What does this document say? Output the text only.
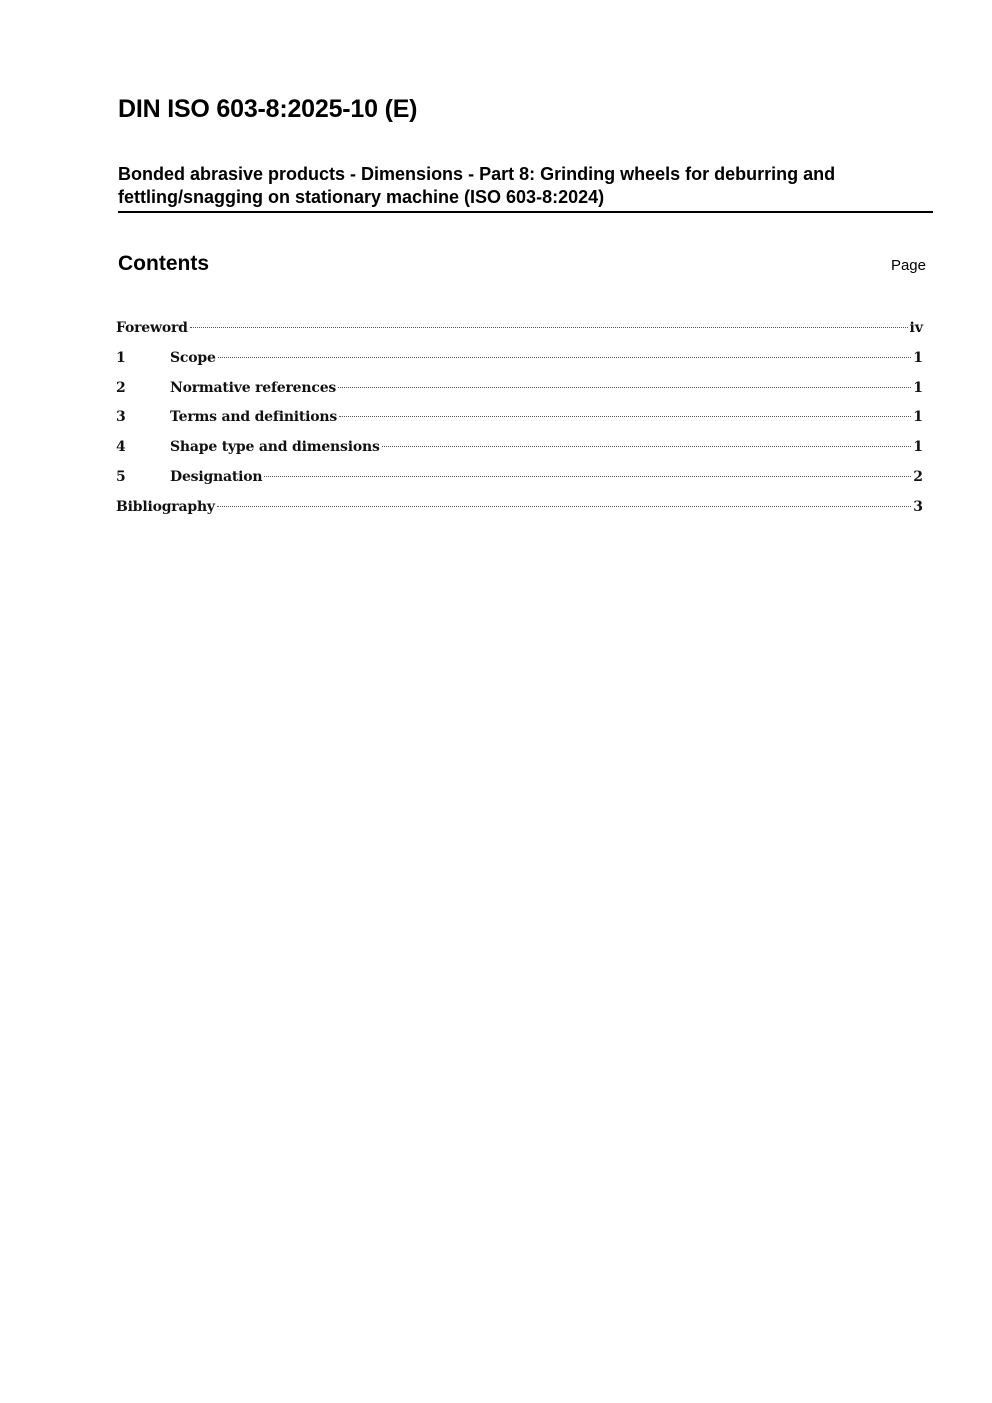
DIN ISO 603-8:2025-10 (E)
Bonded abrasive products - Dimensions - Part 8: Grinding wheels for deburring and fettling/snagging on stationary machine (ISO 603-8:2024)
Contents	Page
Foreword	iv
1	Scope	1
2	Normative references	1
3	Terms and definitions	1
4	Shape type and dimensions	1
5	Designation	2
Bibliography	3
